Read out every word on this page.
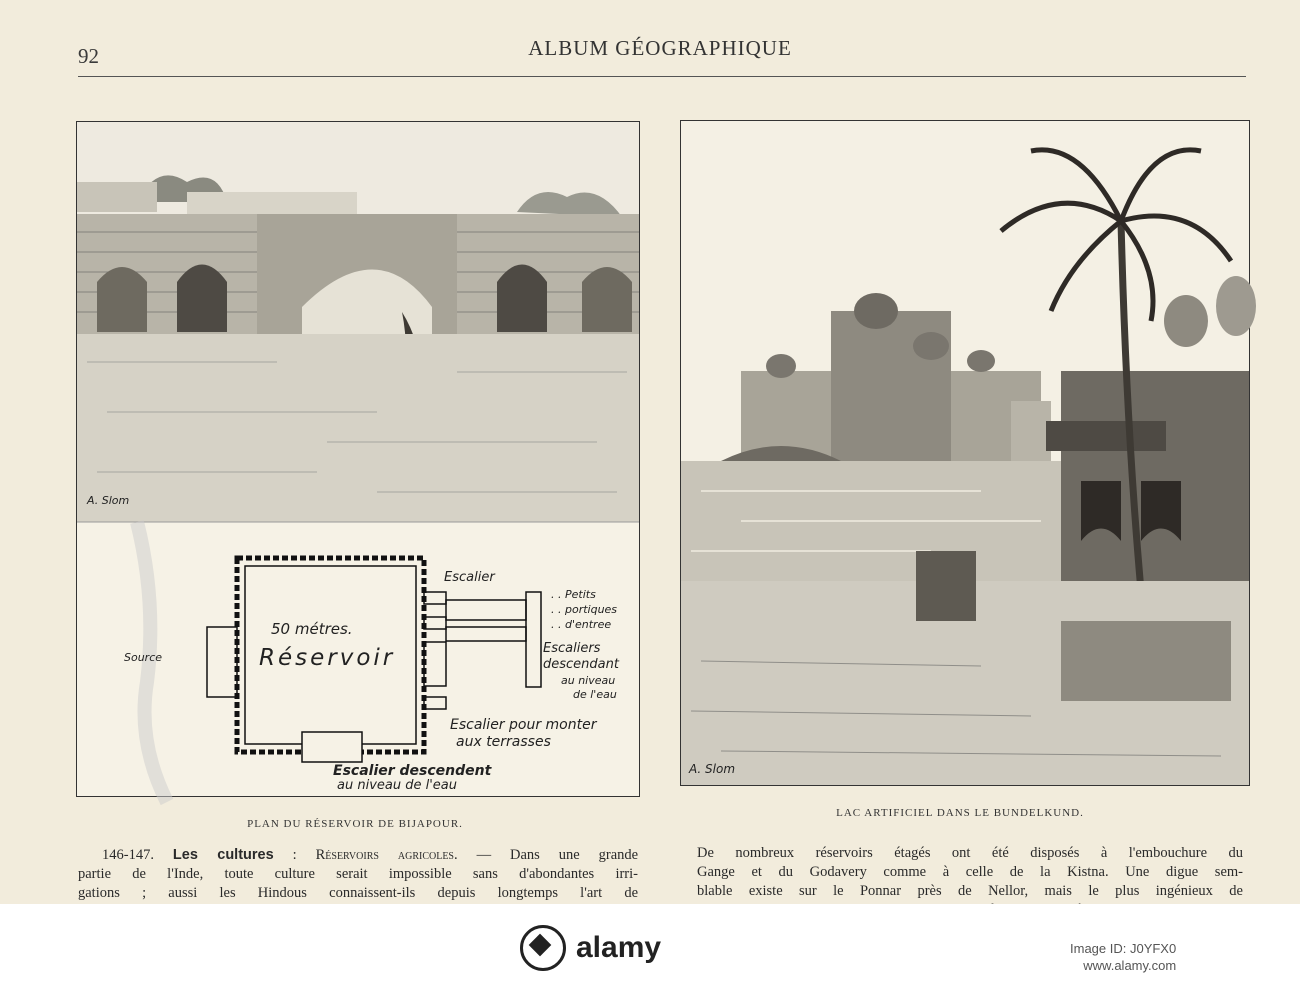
92	ALBUM GÉOGRAPHIQUE
A. Slom
Escalier
. . Petits
. . portiques
. . d'entree
50 métres.
Réservoir
Source
Escaliers
descendant
au niveau
de l'eau
Escalier pour monter
aux terrasses
Escalier descendent
au niveau de l'eau
A. Slom
PLAN DU RÉSERVOIR DE BIJAPOUR.
LAC ARTIFICIEL DANS LE BUNDELKUND.
146-147. Les cultures : Réservoirs agricoles. — Dans une grande
partie de l'Inde, toute culture serait impossible sans d'abondantes irri-
gations ; aussi les Hindous connaissent-ils depuis longtemps l'art de
De nombreux réservoirs étagés ont été disposés à l'embouchure du
Gange et du Godavery comme à celle de la Kistna. Une digue sem-
blable existe sur le Ponnar près de Nellor, mais le plus ingénieux de
alamy	Image ID: J0YFX0
www.alamy.com
